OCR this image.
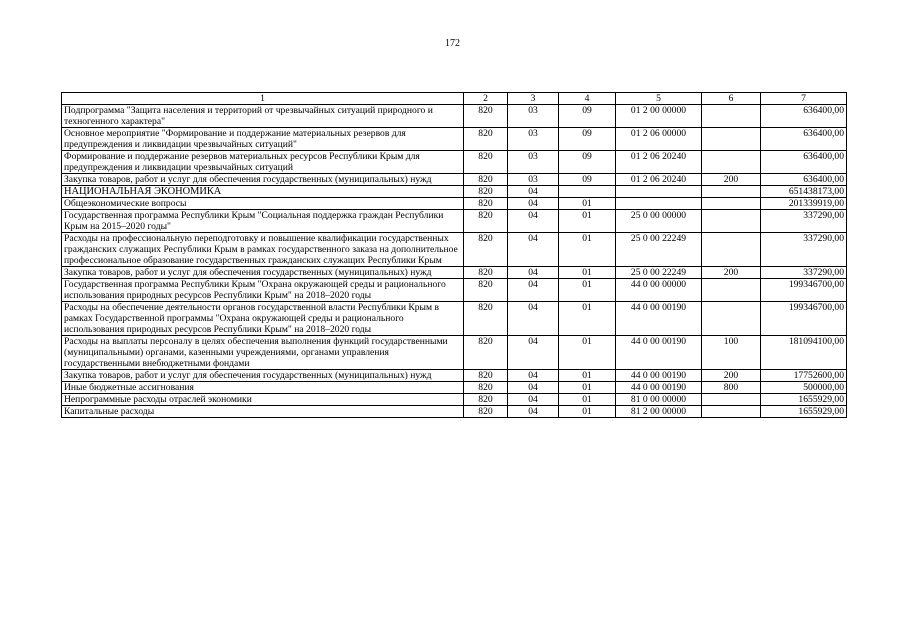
172
1	2	3	4	5	6	7
Подпрограмма "Защита населения и территорий от чрезвычайных ситуаций природного и техногенного характера"	820	03	09	01 2 00 00000		636400,00
Основное мероприятие "Формирование и поддержание материальных резервов для предупреждения и ликвидации чрезвычайных ситуаций"	820	03	09	01 2 06 00000		636400,00
Формирование и поддержание резервов материальных ресурсов Республики Крым для предупреждения и ликвидации чрезвычайных ситуаций	820	03	09	01 2 06 20240		636400,00
Закупка товаров, работ и услуг для обеспечения государственных (муниципальных) нужд	820	03	09	01 2 06 20240	200	636400,00
НАЦИОНАЛЬНАЯ ЭКОНОМИКА	820	04				651438173,00
Общеэкономические вопросы	820	04	01			201339919,00
Государственная программа Республики Крым "Социальная поддержка граждан Республики Крым на 2015–2020 годы"	820	04	01	25 0 00 00000		337290,00
Расходы на профессиональную переподготовку и повышение квалификации государственных гражданских служащих Республики Крым в рамках государственного заказа на дополнительное профессиональное образование государственных гражданских служащих Республики Крым	820	04	01	25 0 00 22249		337290,00
Закупка товаров, работ и услуг для обеспечения государственных (муниципальных) нужд	820	04	01	25 0 00 22249	200	337290,00
Государственная программа Республики Крым "Охрана окружающей среды и рационального использования природных ресурсов Республики Крым" на 2018–2020 годы	820	04	01	44 0 00 00000		199346700,00
Расходы на обеспечение деятельности органов государственной власти Республики Крым в рамках Государственной программы "Охрана окружающей среды и рационального использования природных ресурсов Республики Крым" на 2018–2020 годы	820	04	01	44 0 00 00190		199346700,00
Расходы на выплаты персоналу в целях обеспечения выполнения функций государственными (муниципальными) органами, казенными учреждениями, органами управления государственными внебюджетными фондами	820	04	01	44 0 00 00190	100	181094100,00
Закупка товаров, работ и услуг для обеспечения государственных (муниципальных) нужд	820	04	01	44 0 00 00190	200	17752600,00
Иные бюджетные ассигнования	820	04	01	44 0 00 00190	800	500000,00
Непрограммные расходы отраслей экономики	820	04	01	81 0 00 00000		1655929,00
Капитальные расходы	820	04	01	81 2 00 00000		1655929,00
